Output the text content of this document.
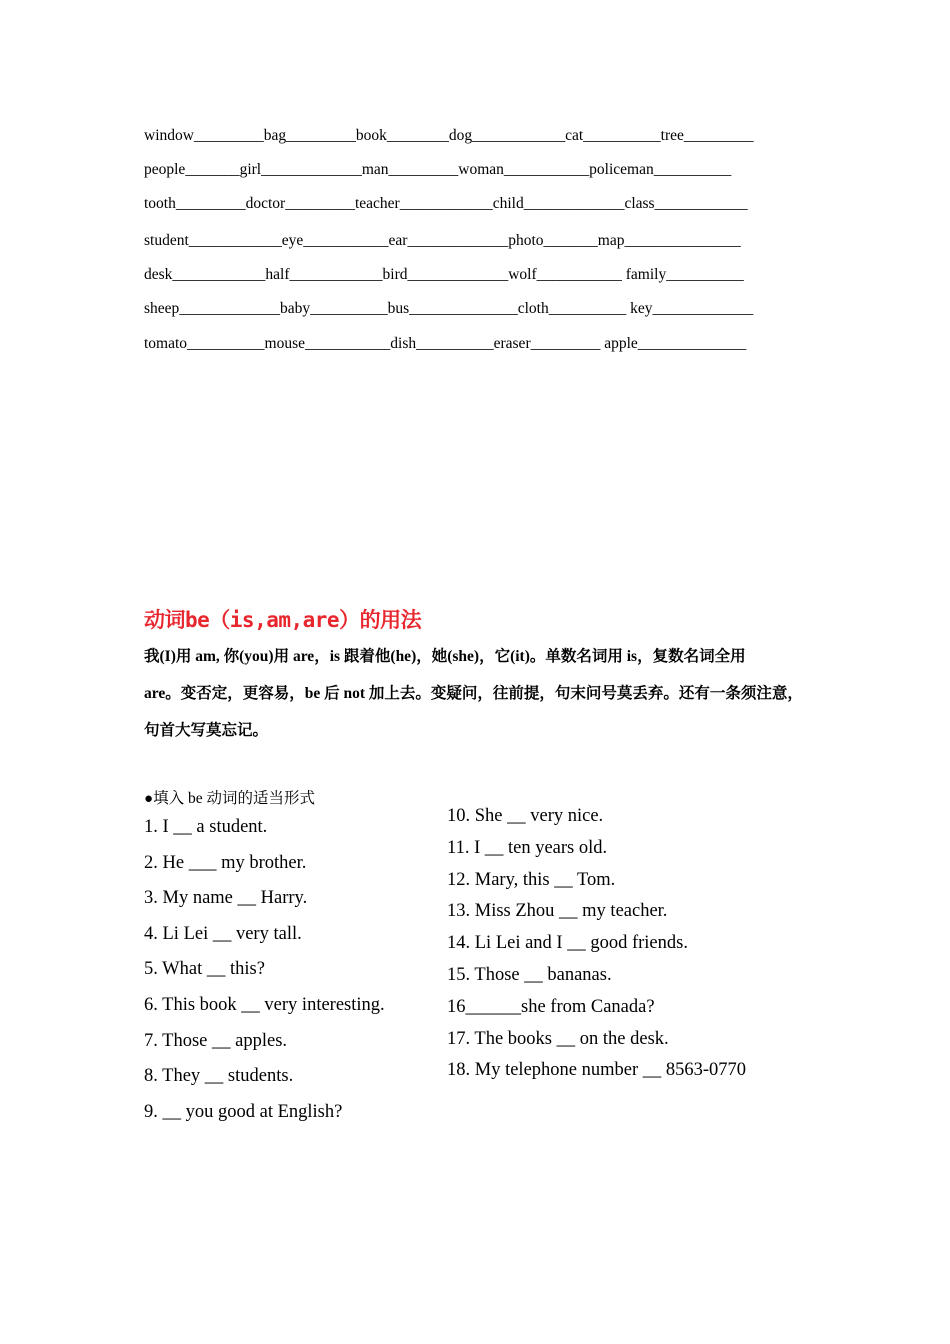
window_________bag_________book________dog____________cat__________tree_________
people_______girl_____________man_________woman___________policeman__________
tooth_________doctor_________teacher____________child_____________class____________
student____________eye___________ear_____________photo_______map_______________
desk____________half____________bird_____________wolf___________ family__________
sheep_____________baby__________bus______________cloth__________ key_____________
tomato__________mouse___________dish__________eraser_________ apple______________
动词be（is,am,are）的用法
我(I)用 am, 你(you)用 are，is 跟着他(he)，她(she)，它(it)。单数名词用 is，复数名词全用
are。变否定，更容易，be 后 not 加上去。变疑问，往前提，句末问号莫丢弃。还有一条须注意，
句首大写莫忘记。
●填入 be 动词的适当形式
1. I __ a student.
2. He ___ my brother.
3. My name __ Harry.
4. Li Lei __ very tall.
5. What __ this?
6. This book __ very interesting.
7. Those __ apples.
8. They __ students.
9. __ you good at English?
10. She __ very nice.
11. I __ ten years old.
12. Mary, this __ Tom.
13. Miss Zhou __ my teacher.
14. Li Lei and I __ good friends.
15. Those __ bananas.
16______she from Canada?
17. The books __ on the desk.
18. My telephone number __ 8563-0770
